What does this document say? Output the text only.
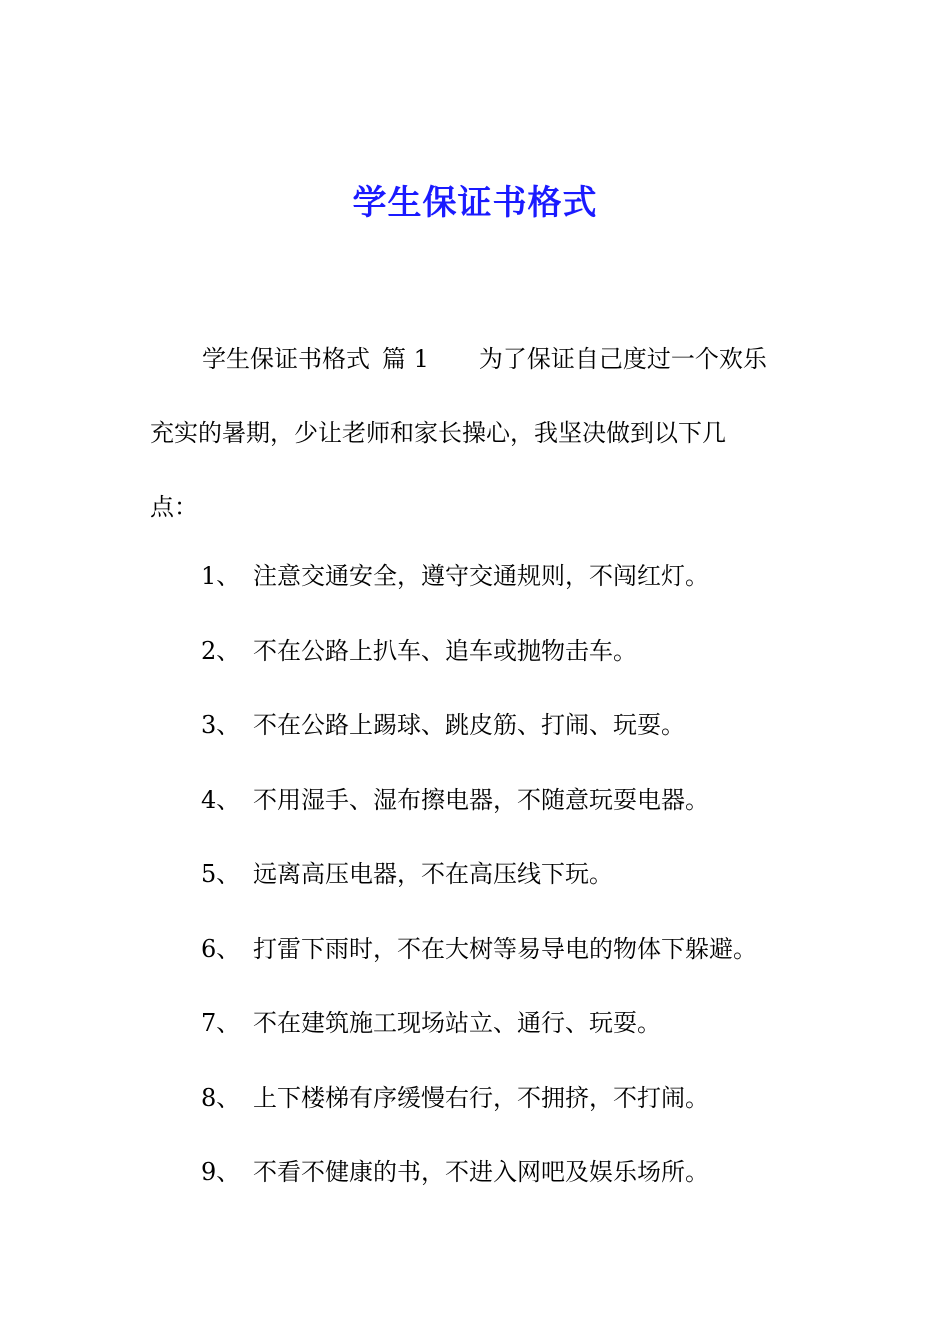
学生保证书格式

学生保证书格式 篇 1 为了保证自己度过一个欢乐
充实的暑期，少让老师和家长操心，我坚决做到以下几
点：

1、 注意交通安全，遵守交通规则，不闯红灯。
2、 不在公路上扒车、追车或抛物击车。
3、 不在公路上踢球、跳皮筋、打闹、玩耍。
4、 不用湿手、湿布擦电器，不随意玩耍电器。
5、 远离高压电器，不在高压线下玩。
6、 打雷下雨时，不在大树等易导电的物体下躲避。
7、 不在建筑施工现场站立、通行、玩耍。
8、 上下楼梯有序缓慢右行，不拥挤，不打闹。
9、 不看不健康的书，不进入网吧及娱乐场所。
